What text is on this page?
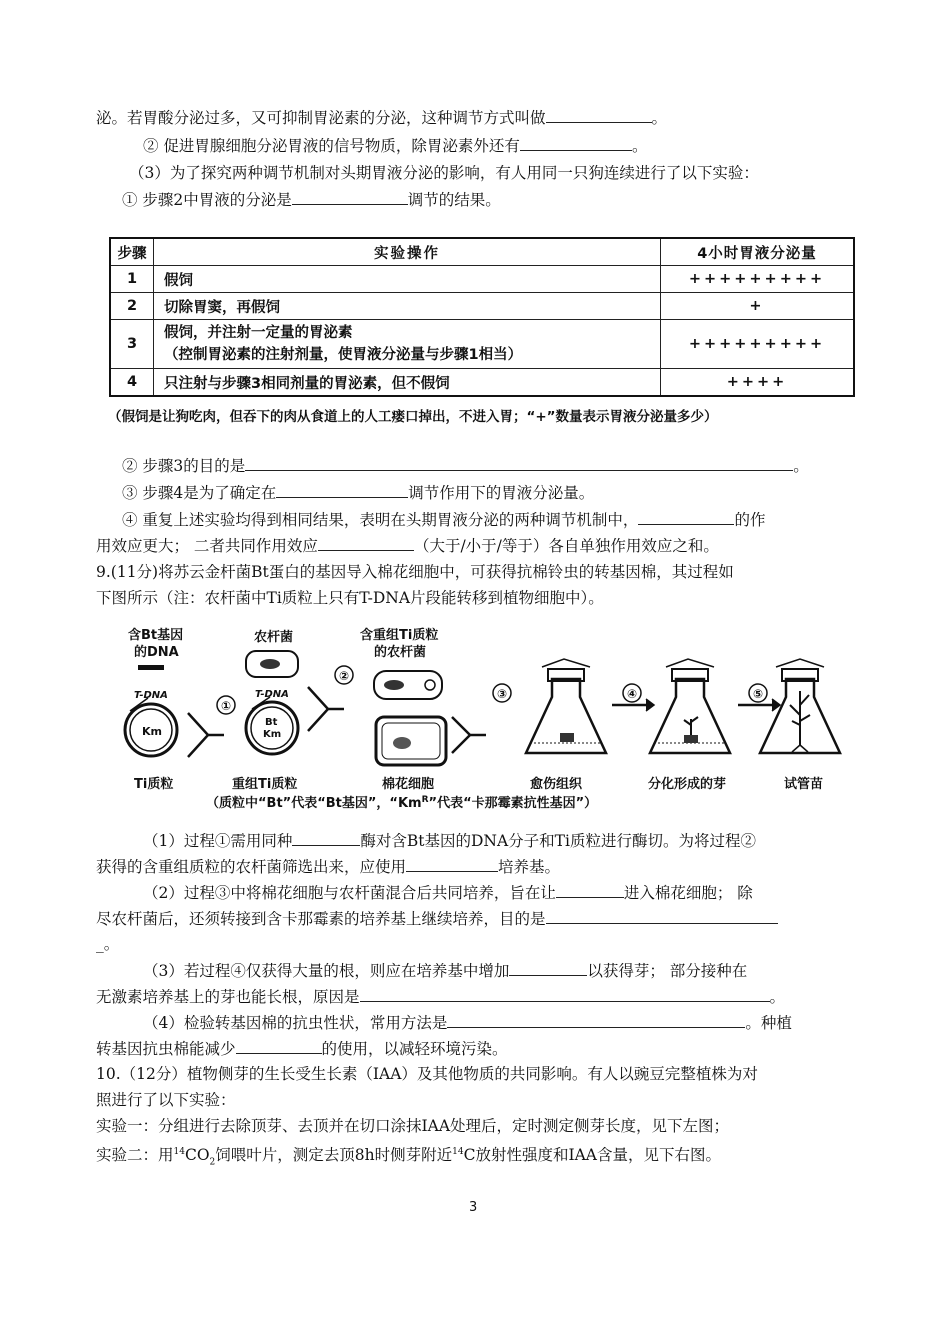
泌。若胃酸分泌过多，又可抑制胃泌素的分泌，这种调节方式叫做	。
② 促进胃腺细胞分泌胃液的信号物质，除胃泌素外还有	。
（3）为了探究两种调节机制对头期胃液分泌的影响，有人用同一只狗连续进行了以下实验：
① 步骤2中胃液的分泌是	调节的结果。
步骤	实验操作	4小时胃液分泌量
1	假饲	+++++++++
2	切除胃窦，再假饲	+
3	假饲，并注射一定量的胃泌素
（控制胃泌素的注射剂量，使胃液分泌量与步骤1相当）	+++++++++
4	只注射与步骤3相同剂量的胃泌素，但不假饲	++++
（假饲是让狗吃肉，但吞下的肉从食道上的人工瘘口掉出，不进入胃；“+”数量表示胃液分泌量多少）
② 步骤3的目的是	。
③ 步骤4是为了确定在	调节作用下的胃液分泌量。
④ 重复上述实验均得到相同结果，表明在头期胃液分泌的两种调节机制中，	的作
用效应更大； 二者共同作用效应	（大于/小于/等于）各自单独作用效应之和。
9.(11分)将苏云金杆菌Bt蛋白的基因导入棉花细胞中，可获得抗棉铃虫的转基因棉，其过程如
下图所示（注：农杆菌中Ti质粒上只有T-DNA片段能转移到植物细胞中）。
含Bt基因
的DNA
T-DNA
Km
Ti质粒
①
农杆菌
T-DNA
Bt
Km
重组Ti质粒
②
含重组Ti质粒
的农杆菌
棉花细胞
③
愈伤组织
④
分化形成的芽
⑤
试管苗
（质粒中“Bt”代表“Bt基因”，“$Km^R$”代表“卡那霉素抗性基因”）
（1）过程①需用同种	酶对含Bt基因的DNA分子和Ti质粒进行酶切。为将过程②
获得的含重组质粒的农杆菌筛选出来，应使用	培养基。
（2）过程③中将棉花细胞与农杆菌混合后共同培养，旨在让	进入棉花细胞； 除
尽农杆菌后，还须转接到含卡那霉素的培养基上继续培养，目的是
_。
（3）若过程④仅获得大量的根，则应在培养基中增加	以获得芽； 部分接种在
无激素培养基上的芽也能长根，原因是	。
（4）检验转基因棉的抗虫性状，常用方法是	。种植
转基因抗虫棉能减少	的使用，以减轻环境污染。
10.（12分）植物侧芽的生长受生长素（IAA）及其他物质的共同影响。有人以豌豆完整植株为对
照进行了以下实验：
实验一：分组进行去除顶芽、去顶并在切口涂抹IAA处理后，定时测定侧芽长度，见下左图；
实验二：用$^{14}CO_2$饲喂叶片，测定去顶8h时侧芽附近$^{14}$C放射性强度和IAA含量，见下右图。
3
